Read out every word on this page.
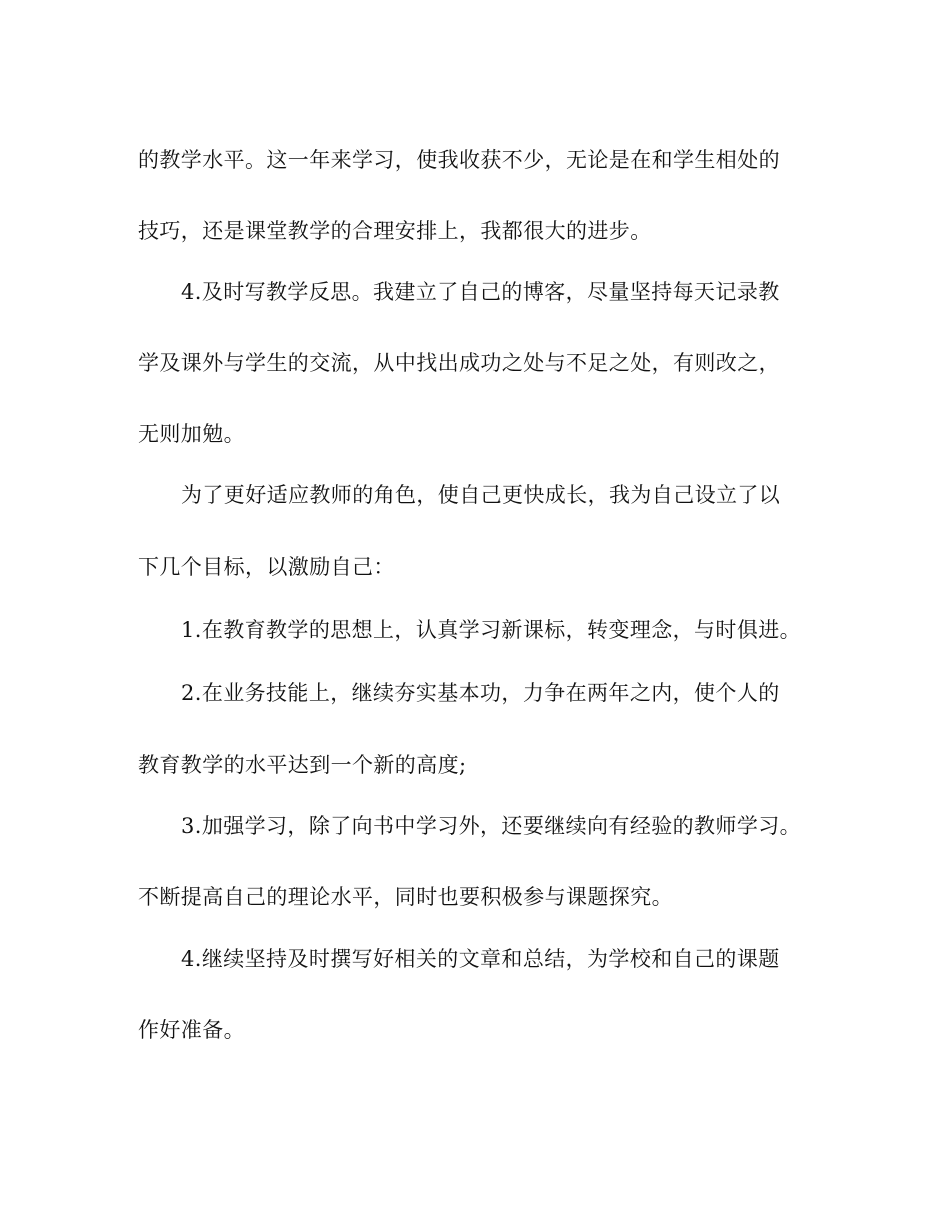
的教学水平。这一年来学习，使我收获不少，无论是在和学生相处的

技巧，还是课堂教学的合理安排上，我都很大的进步。

4.及时写教学反思。我建立了自己的博客，尽量坚持每天记录教

学及课外与学生的交流，从中找出成功之处与不足之处，有则改之，

无则加勉。

为了更好适应教师的角色，使自己更快成长，我为自己设立了以

下几个目标，以激励自己：

1.在教育教学的思想上，认真学习新课标，转变理念，与时俱进。

2.在业务技能上，继续夯实基本功，力争在两年之内，使个人的

教育教学的水平达到一个新的高度;

3.加强学习，除了向书中学习外，还要继续向有经验的教师学习。

不断提高自己的理论水平，同时也要积极参与课题探究。

4.继续坚持及时撰写好相关的文章和总结，为学校和自己的课题

作好准备。
